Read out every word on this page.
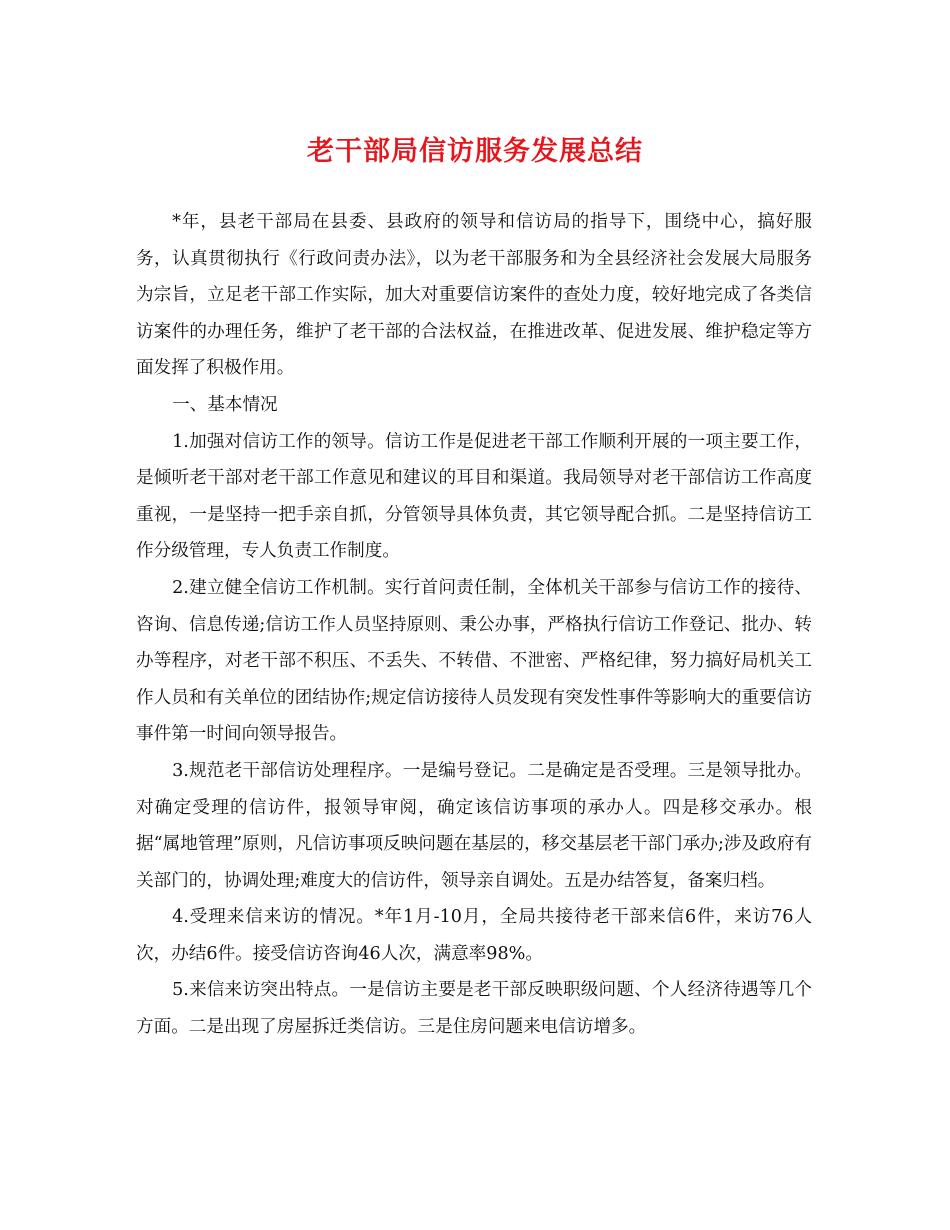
老干部局信访服务发展总结

*年，县老干部局在县委、县政府的领导和信访局的指导下，围绕中心，搞好服务，认真贯彻执行《行政问责办法》，以为老干部服务和为全县经济社会发展大局服务为宗旨，立足老干部工作实际，加大对重要信访案件的查处力度，较好地完成了各类信访案件的办理任务，维护了老干部的合法权益，在推进改革、促进发展、维护稳定等方面发挥了积极作用。

一、基本情况

1.加强对信访工作的领导。信访工作是促进老干部工作顺利开展的一项主要工作，是倾听老干部对老干部工作意见和建议的耳目和渠道。我局领导对老干部信访工作高度重视，一是坚持一把手亲自抓，分管领导具体负责，其它领导配合抓。二是坚持信访工作分级管理，专人负责工作制度。

2.建立健全信访工作机制。实行首问责任制，全体机关干部参与信访工作的接待、咨询、信息传递;信访工作人员坚持原则、秉公办事，严格执行信访工作登记、批办、转办等程序，对老干部不积压、不丢失、不转借、不泄密、严格纪律，努力搞好局机关工作人员和有关单位的团结协作;规定信访接待人员发现有突发性事件等影响大的重要信访事件第一时间向领导报告。

3.规范老干部信访处理程序。一是编号登记。二是确定是否受理。三是领导批办。对确定受理的信访件，报领导审阅，确定该信访事项的承办人。四是移交承办。根据“属地管理”原则，凡信访事项反映问题在基层的，移交基层老干部门承办;涉及政府有关部门的，协调处理;难度大的信访件，领导亲自调处。五是办结答复，备案归档。

4.受理来信来访的情况。*年1月-10月，全局共接待老干部来信6件，来访76人次，办结6件。接受信访咨询46人次，满意率98%。

5.来信来访突出特点。一是信访主要是老干部反映职级问题、个人经济待遇等几个方面。二是出现了房屋拆迁类信访。三是住房问题来电信访增多。
